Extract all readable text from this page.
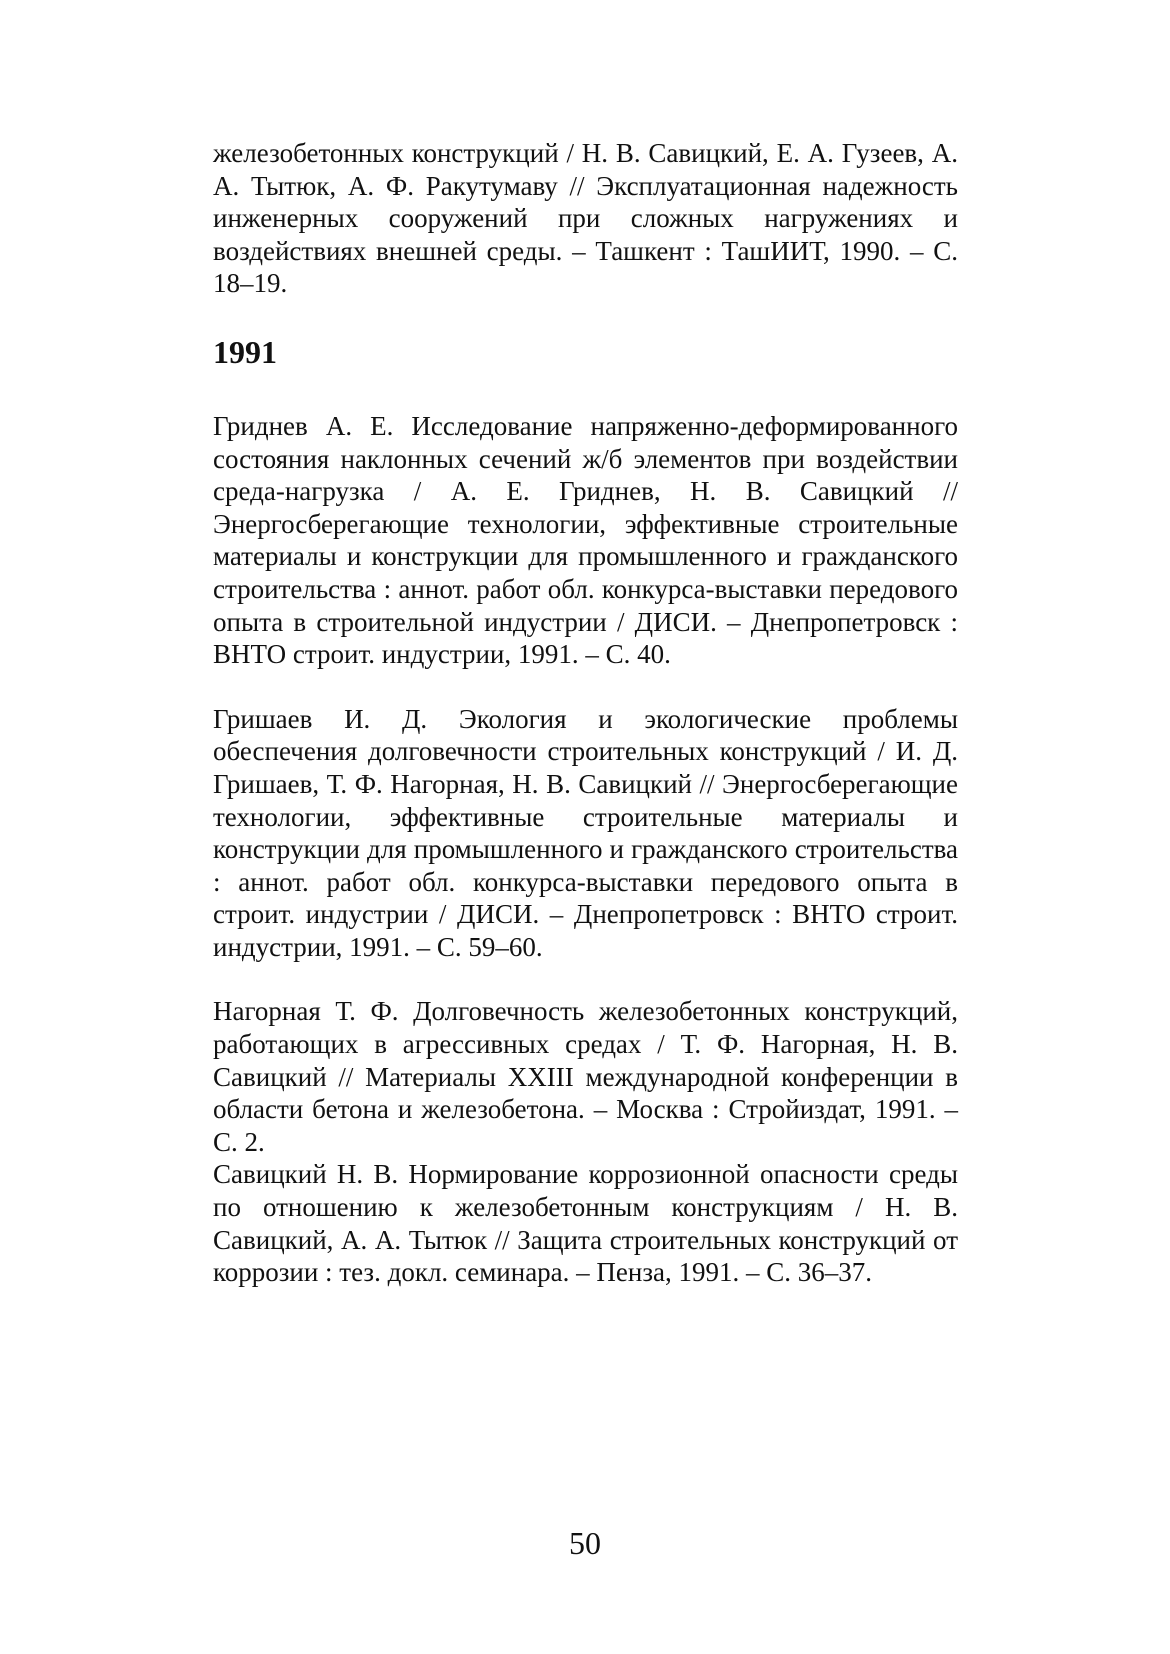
железобетонных конструкций / Н. В. Савицкий, Е. А. Гузеев, А. А. Тытюк, А. Ф. Ракутумаву // Эксплуатационная надежность инженерных сооружений при сложных нагружениях и воздействиях внешней среды. – Ташкент : ТашИИТ, 1990. – С. 18–19.

1991

Гриднев А. Е. Исследование напряженно-деформированного состояния наклонных сечений ж/б элементов при воздействии среда-нагрузка / А. Е. Гриднев, Н. В. Савицкий // Энергосберегающие технологии, эффективные строительные материалы и конструкции для промышленного и гражданского строительства : аннот. работ обл. конкурса-выставки передового опыта в строительной индустрии / ДИСИ. – Днепропетровск : ВНТО строит. индустрии, 1991. – С. 40.

Гришаев И. Д. Экология и экологические проблемы обеспечения долговечности строительных конструкций / И. Д. Гришаев, Т. Ф. Нагорная, Н. В. Савицкий // Энергосберегающие технологии, эффективные строительные материалы и конструкции для промышленного и гражданского строительства : аннот. работ обл. конкурса-выставки передового опыта в строит. индустрии / ДИСИ. – Днепропетровск : ВНТО строит. индустрии, 1991. – С. 59–60.

Нагорная Т. Ф. Долговечность железобетонных конструкций, работающих в агрессивных средах / Т. Ф. Нагорная, Н. В. Савицкий // Материалы XXIII международной конференции в области бетона и железобетона. – Москва : Стройиздат, 1991. – С. 2.

Савицкий Н. В. Нормирование коррозионной опасности среды по отношению к железобетонным конструкциям / Н. В. Савицкий, А. А. Тытюк // Защита строительных конструкций от коррозии : тез. докл. семинара. – Пенза, 1991. – С. 36–37.

50
